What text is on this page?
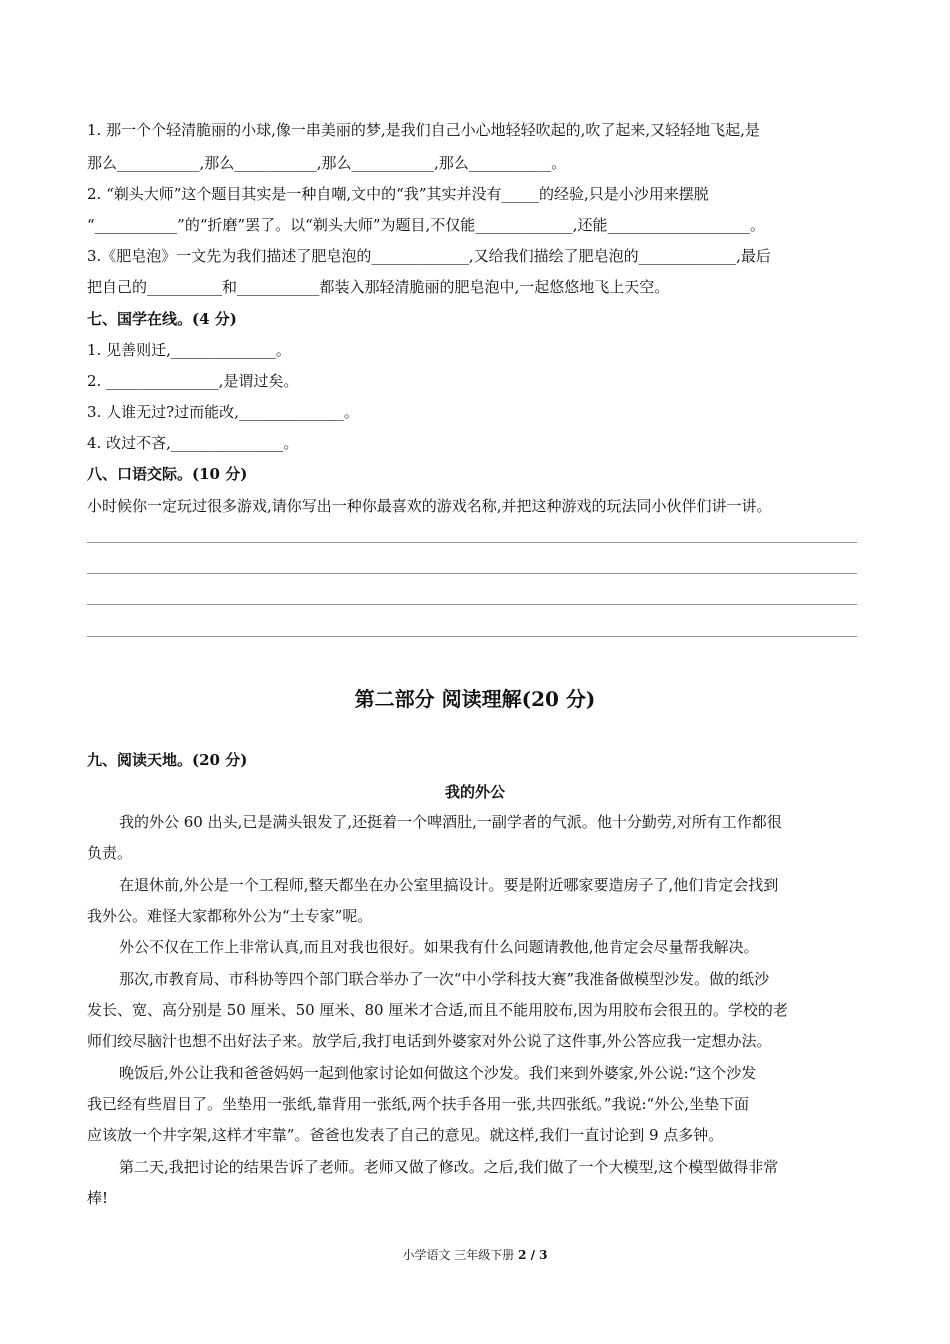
1. 那一个个轻清脆丽的小球,像一串美丽的梦,是我们自己小心地轻轻吹起的,吹了起来,又轻轻地飞起,是
那么___________,那么___________,那么___________,那么___________。
2. “剃头大师”这个题目其实是一种自嘲,文中的“我”其实并没有_____的经验,只是小沙用来摆脱
“___________”的“折磨”罢了。以“剃头大师”为题目,不仅能_____________,还能___________________。
3.《肥皂泡》一文先为我们描述了肥皂泡的_____________,又给我们描绘了肥皂泡的_____________,最后
把自己的__________和___________都装入那轻清脆丽的肥皂泡中,一起悠悠地飞上天空。
七、国学在线。(4 分)
1. 见善则迁,______________。
2. _______________,是谓过矣。
3. 人谁无过?过而能改,______________。
4. 改过不吝,_______________。
八、口语交际。(10 分)
小时候你一定玩过很多游戏,请你写出一种你最喜欢的游戏名称,并把这种游戏的玩法同小伙伴们讲一讲。
第二部分 阅读理解(20 分)
九、阅读天地。(20 分)
我的外公
我的外公 60 出头,已是满头银发了,还挺着一个啤酒肚,一副学者的气派。他十分勤劳,对所有工作都很
负责。
在退休前,外公是一个工程师,整天都坐在办公室里搞设计。要是附近哪家要造房子了,他们肯定会找到
我外公。难怪大家都称外公为“土专家”呢。
外公不仅在工作上非常认真,而且对我也很好。如果我有什么问题请教他,他肯定会尽量帮我解决。
那次,市教育局、市科协等四个部门联合举办了一次“中小学科技大赛”我准备做模型沙发。做的纸沙
发长、宽、高分别是 50 厘米、50 厘米、80 厘米才合适,而且不能用胶布,因为用胶布会很丑的。学校的老
师们绞尽脑汁也想不出好法子来。放学后,我打电话到外婆家对外公说了这件事,外公答应我一定想办法。
晚饭后,外公让我和爸爸妈妈一起到他家讨论如何做这个沙发。我们来到外婆家,外公说:“这个沙发
我已经有些眉目了。坐垫用一张纸,靠背用一张纸,两个扶手各用一张,共四张纸。”我说:“外公,坐垫下面
应该放一个井字架,这样才牢靠”。爸爸也发表了自己的意见。就这样,我们一直讨论到 9 点多钟。
第二天,我把讨论的结果告诉了老师。老师又做了修改。之后,我们做了一个大模型,这个模型做得非常
棒!
小学语文 三年级下册 2 / 3
